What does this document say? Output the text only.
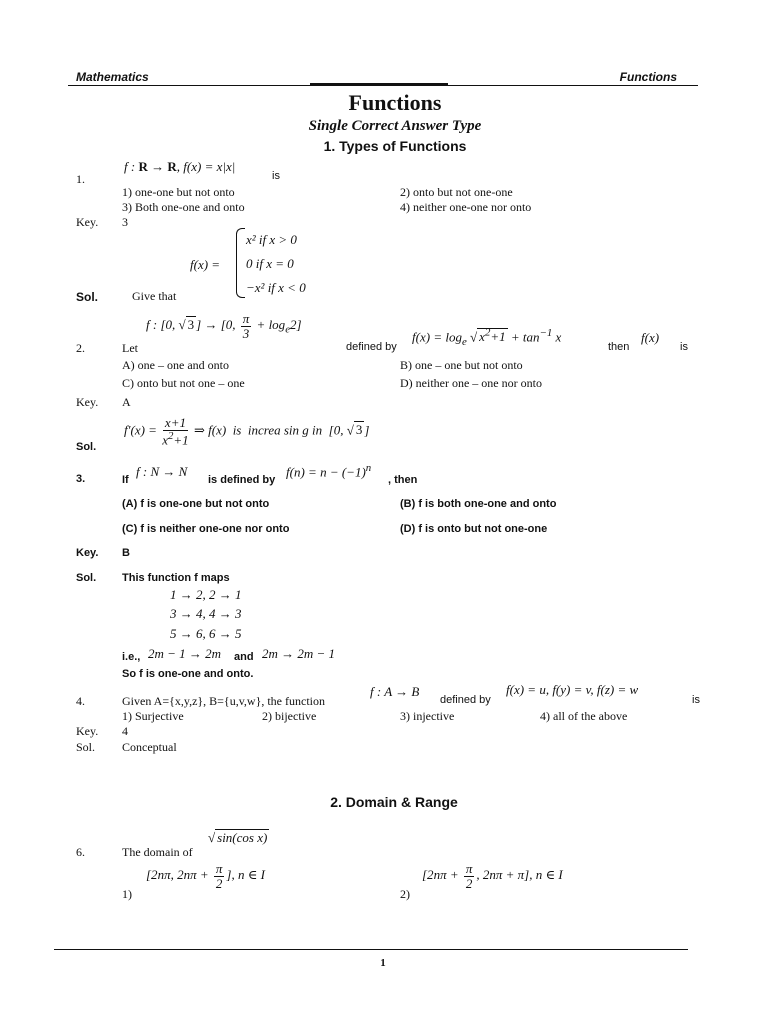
Mathematics	Functions
Functions
Single Correct Answer Type
1. Types of Functions
1.
f : R → R, f(x) = x|x|
is
1) one-one but not onto	2) onto but not one-one
3) Both one-one and onto	4) neither one-one nor onto
Key. 3
f(x) =
x² if x > 0
0 if x = 0
−x² if x < 0
Sol.	Give that
2.	Let
f : [0, √ 3 ] → [0, $\frac{\pi}{3} + \log_e2$]
defined by
$f(x) = \log_e$ √ $x^2+1 + \tan^{-1} x$
then
f(x)
is
A) one – one and onto	B) one – one but not onto
C) onto but not one – one	D) neither one – one nor onto
Key. A
Sol.
$f'(x) = \frac{x+1}{x^2+1}$ ⇒ f(x)  is increa sin g in  [0, √ 3 ]
3.	If
f : N → N
is defined by
$f(n) = n - (-1)^n$
, then
(A) f is one-one but not onto	(B) f is both one-one and onto
(C) f is neither one-one nor onto	(D) f is onto but not one-one
Key. B
Sol. This function f maps
1 → 2, 2 → 1
3 → 4, 4 → 3
5 → 6, 6 → 5
i.e., 2m − 1 → 2m and 2m → 2m − 1
So f is one-one and onto.
4.	Given A={x,y,z}, B={u,v,w}, the function
f : A → B
defined by
f(x) = u, f(y) = v, f(z) = w
is
1) Surjective	2) bijective	3) injective	4) all of the above
Key. 4
Sol. Conceptual
2. Domain & Range
6.	The domain of
√ sin(cos x)
1)
[2nπ, $2n\pi + \frac{\pi}{2}$ ], n ∈ I
2)
[$2n\pi + \frac{\pi}{2}$ , 2nπ + π], n ∈ I
1
